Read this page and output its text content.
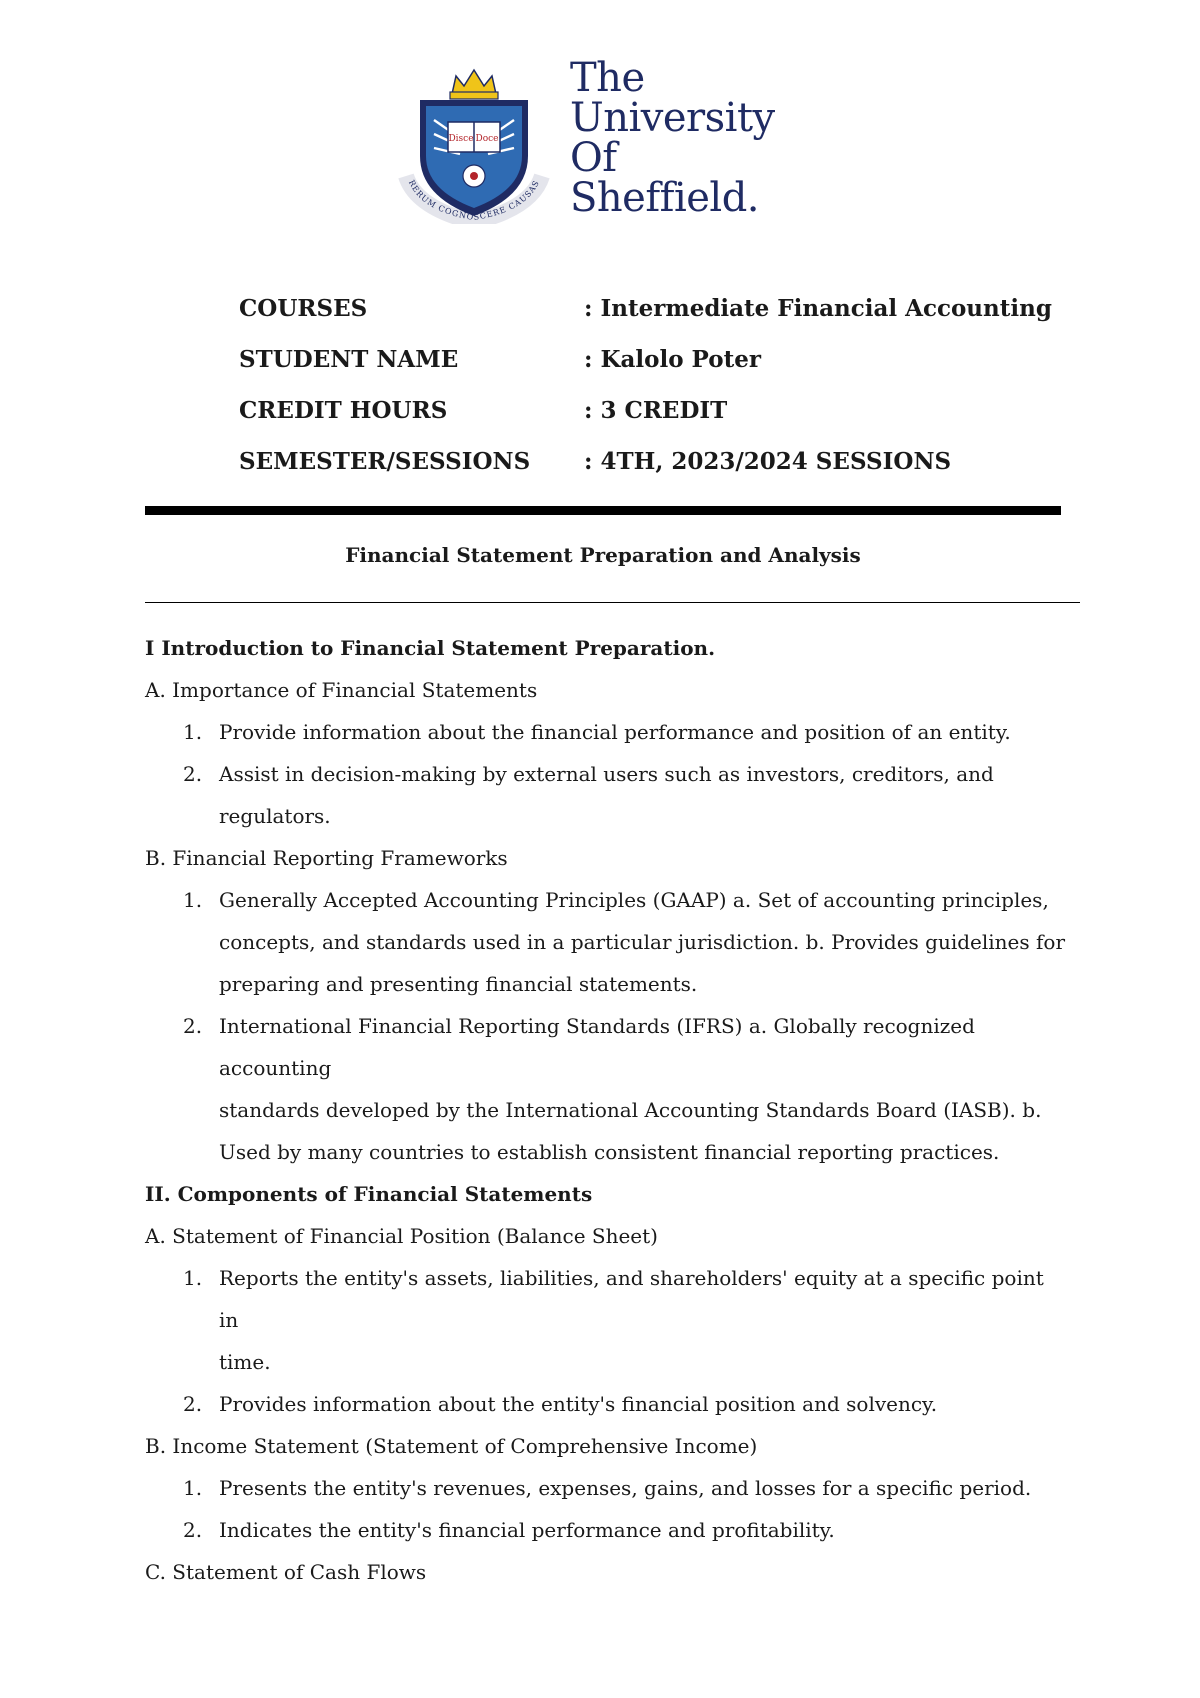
Disce Doce
RERUM COGNOSCERE CAUSAS
The
University
Of
Sheffield.
COURSES	: Intermediate Financial Accounting
STUDENT NAME	: Kalolo Poter
CREDIT HOURS	: 3 CREDIT
SEMESTER/SESSIONS : 4TH, 2023/2024 SESSIONS
Financial Statement Preparation and Analysis
I Introduction to Financial Statement Preparation.
A. Importance of Financial Statements
1. Provide information about the financial performance and position of an entity.
2. Assist in decision-making by external users such as investors, creditors, and
regulators.
B. Financial Reporting Frameworks
1. Generally Accepted Accounting Principles (GAAP) a. Set of accounting principles,
concepts, and standards used in a particular jurisdiction. b. Provides guidelines for
preparing and presenting financial statements.
2. International Financial Reporting Standards (IFRS) a. Globally recognized accounting
standards developed by the International Accounting Standards Board (IASB). b.
Used by many countries to establish consistent financial reporting practices.
II. Components of Financial Statements
A. Statement of Financial Position (Balance Sheet)
1. Reports the entity's assets, liabilities, and shareholders' equity at a specific point in
time.
2. Provides information about the entity's financial position and solvency.
B. Income Statement (Statement of Comprehensive Income)
1. Presents the entity's revenues, expenses, gains, and losses for a specific period.
2. Indicates the entity's financial performance and profitability.
C. Statement of Cash Flows
